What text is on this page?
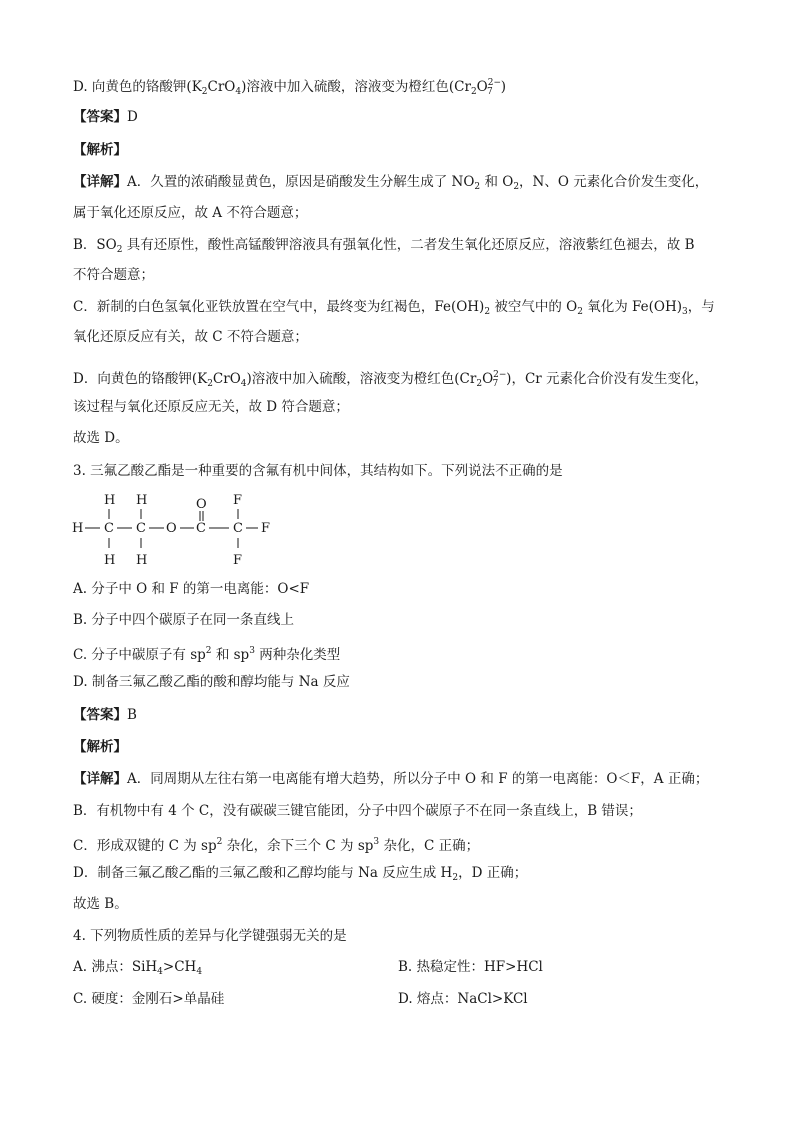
D. 向黄色的铬酸钾$(K_2CrO_4)$溶液中加入硫酸，溶液变为橙红色($Cr_2O^{2-}_7$ )
【答案】D
【解析】
【详解】A．久置的浓硝酸显黄色，原因是硝酸发生分解生成了 $NO_2$ 和 $O_2$，N、O 元素化合价发生变化，
属于氧化还原反应，故 A 不符合题意；
B．$SO_2$ 具有还原性，酸性高锰酸钾溶液具有强氧化性，二者发生氧化还原反应，溶液紫红色褪去，故 B
不符合题意；
C．新制的白色氢氧化亚铁放置在空气中，最终变为红褐色，$Fe(OH)_2$ 被空气中的 $O_2$ 氧化为 $Fe(OH)_3$，与
氧化还原反应有关，故 C 不符合题意；
D．向黄色的铬酸钾$(K_2CrO_4)$溶液中加入硫酸，溶液变为橙红色($Cr_2O^{2-}_7$ )，Cr 元素化合价没有发生变化，
该过程与氧化还原反应无关，故 D 符合题意；
故选 D。
3. 三氟乙酸乙酯是一种重要的含氟有机中间体，其结构如下。下列说法不正确的是
H H	O F
H C C O C C F
H H	F
A. 分子中 O 和 F 的第一电离能：O<F
B. 分子中四个碳原子在同一条直线上
C. 分子中碳原子有 $sp^2$ 和 $sp^3$ 两种杂化类型
D. 制备三氟乙酸乙酯的酸和醇均能与 Na 反应
【答案】B
【解析】
【详解】A．同周期从左往右第一电离能有增大趋势，所以分子中 O 和 F 的第一电离能：O＜F，A 正确；
B．有机物中有 4 个 C，没有碳碳三键官能团，分子中四个碳原子不在同一条直线上，B 错误；
C．形成双键的 C 为 $sp^2$ 杂化，余下三个 C 为 $sp^3$ 杂化，C 正确；
D．制备三氟乙酸乙酯的三氟乙酸和乙醇均能与 Na 反应生成 $H_2$，D 正确；
故选 B。
4. 下列物质性质的差异与化学键强弱无关的是
A. 沸点：$SiH_4>CH_4$	B. 热稳定性：HF>HCl
C. 硬度：金刚石>单晶硅	D. 熔点：NaCl>KCl
